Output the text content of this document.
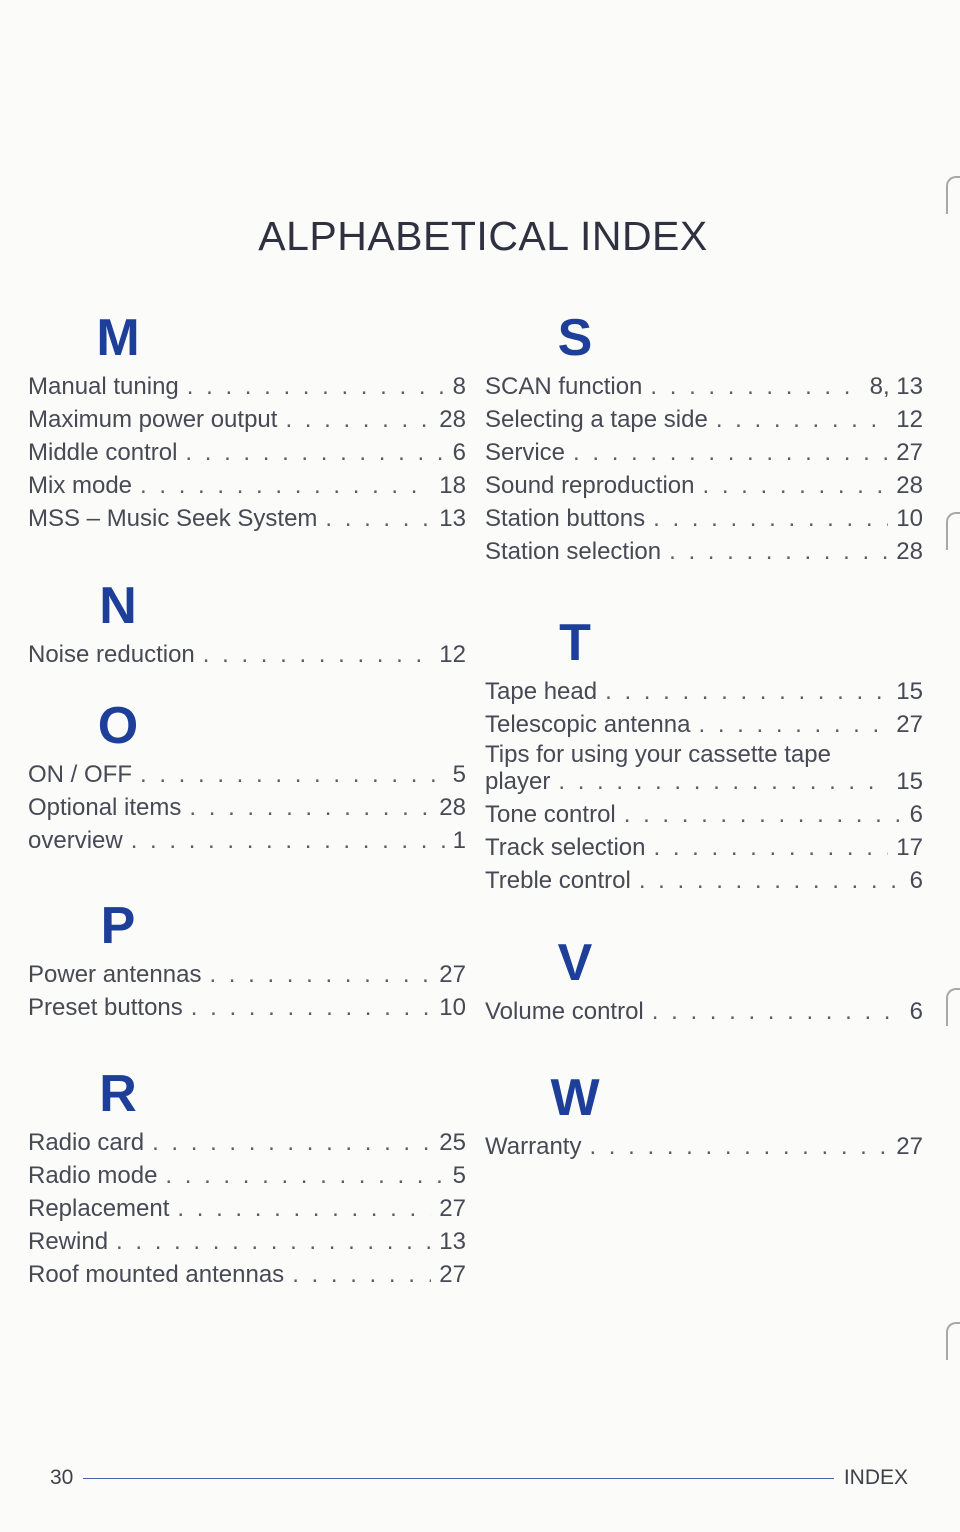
ALPHABETICAL INDEX
M
Manual tuning . . .	8
Maximum power output . . .	28
Middle control . . .	6
Mix mode . . .	18
MSS – Music Seek System . . .	13
N
Noise reduction . . .	12
O
ON / OFF . . .	5
Optional items . . .	28
overview . . .	1
P
Power antennas . . .	27
Preset buttons . . .	10
R
Radio card . . .	25
Radio mode . . .	5
Replacement . . .	27
Rewind . . .	13
Roof mounted antennas . . .	27
S
SCAN function . . .	8, 13
Selecting a tape side . . .	12
Service . . .	27
Sound reproduction . . .	28
Station buttons . . .	10
Station selection . . .	28
T
Tape head . . .	15
Telescopic antenna . . .	27
Tips for using your cassette tape
player . . .	15
Tone control . . .	6
Track selection . . .	17
Treble control . . .	6
V
Volume control . . .	6
W
Warranty . . .	27
30	INDEX
